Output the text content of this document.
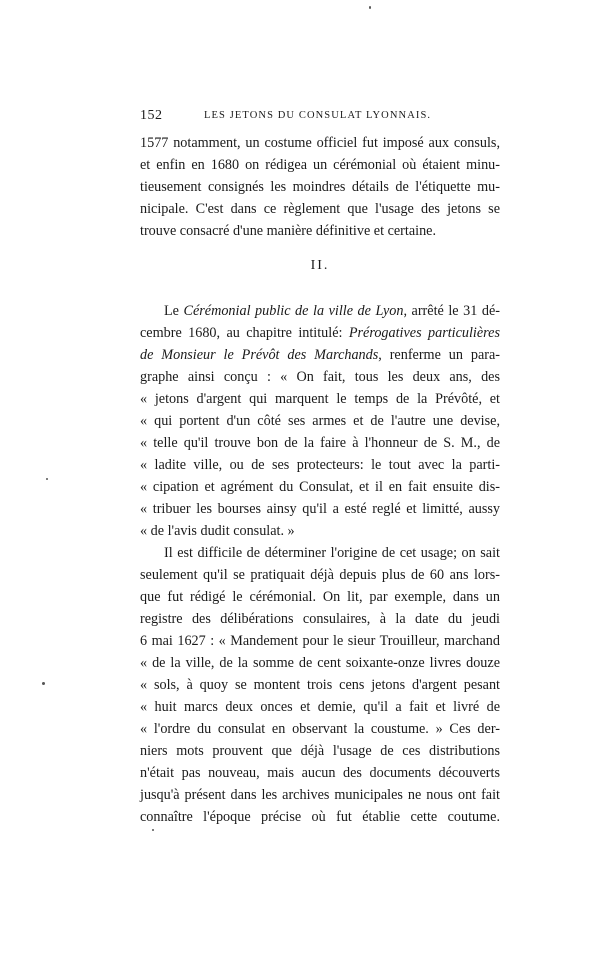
152	LES JETONS DU CONSULAT LYONNAIS.
1577 notamment, un costume officiel fut imposé aux consuls,
et enfin en 1680 on rédigea un cérémonial où étaient minu-
tieusement consignés les moindres détails de l'étiquette mu-
nicipale. C'est dans ce règlement que l'usage des jetons se
trouve consacré d'une manière définitive et certaine.
II.
Le Cérémonial public de la ville de Lyon, arrêté le 31 dé-
cembre 1680, au chapitre intitulé: Prérogatives particulières
de Monsieur le Prévôt des Marchands, renferme un para-
graphe ainsi conçu : « On fait, tous les deux ans, des
« jetons d'argent qui marquent le temps de la Prévôté, et
« qui portent d'un côté ses armes et de l'autre une devise,
« telle qu'il trouve bon de la faire à l'honneur de S. M., de
« ladite ville, ou de ses protecteurs: le tout avec la parti-
« cipation et agrément du Consulat, et il en fait ensuite dis-
« tribuer les bourses ainsy qu'il a esté reglé et limitté, aussy
« de l'avis dudit consulat. »
Il est difficile de déterminer l'origine de cet usage; on sait
seulement qu'il se pratiquait déjà depuis plus de 60 ans lors-
que fut rédigé le cérémonial. On lit, par exemple, dans un
registre des délibérations consulaires, à la date du jeudi
6 mai 1627 : « Mandement pour le sieur Trouilleur, marchand
« de la ville, de la somme de cent soixante-onze livres douze
« sols, à quoy se montent trois cens jetons d'argent pesant
« huit marcs deux onces et demie, qu'il a fait et livré de
« l'ordre du consulat en observant la coustume. » Ces der-
niers mots prouvent que déjà l'usage de ces distributions
n'était pas nouveau, mais aucun des documents découverts
jusqu'à présent dans les archives municipales ne nous ont fait
connaître l'époque précise où fut établie cette coutume.
